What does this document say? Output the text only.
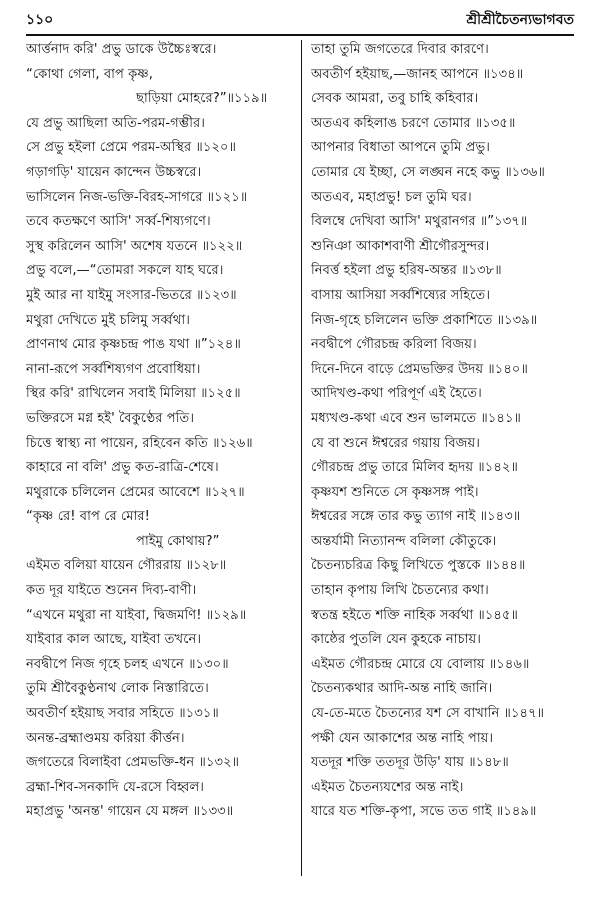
১১০	শ্রীশ্রীচৈতন্যভাগবত
আর্ত্তনাদ করি' প্রভু ডাকে উচ্চৈঃস্বরে।
“কোথা গেলা, বাপ কৃষ্ণ,
ছাড়িয়া মোহরে?”॥১১৯॥
যে প্রভু আছিলা অতি-পরম-গম্ভীর।
সে প্রভু হইলা প্রেমে পরম-অস্থির ॥১২০॥
গড়াগড়ি' যায়েন কান্দেন উচ্চস্বরে।
ভাসিলেন নিজ-ভক্তি-বিরহ-সাগরে ॥১২১॥
তবে কতক্ষণে আসি' সর্ব্ব-শিষ্যগণে।
সুস্থ করিলেন আসি' অশেষ যতনে ॥১২২॥
প্রভু বলে,—“তোমরা সকলে যাহ ঘরে।
মুই আর না যাইমু সংসার-ভিতরে ॥১২৩॥
মথুরা দেখিতে মুই চলিমু সর্ব্বথা।
প্রাণনাথ মোর কৃষ্ণচন্দ্র পাঙ যথা ॥”১২৪॥
নানা-রূপে সর্ব্বশিষ্যগণ প্রবোধিয়া।
স্থির করি' রাখিলেন সবাই মিলিয়া ॥১২৫॥
ভক্তিরসে মগ্ন হই' বৈকুণ্ঠের পতি।
চিত্তে স্বাস্থ্য না পায়েন, রহিবেন কতি ॥১২৬॥
কাহারে না বলি' প্রভু কত-রাত্রি-শেষে।
মথুরাকে চলিলেন প্রেমের আবেশে ॥১২৭॥
“কৃষ্ণ রে! বাপ রে মোর!
পাইমু কোথায়?”
এইমত বলিয়া যায়েন গৌররায় ॥১২৮॥
কত দূর যাইতে শুনেন দিব্য-বাণী।
“এখনে মথুরা না যাইবা, দ্বিজমণি! ॥১২৯॥
যাইবার কাল আছে, যাইবা তখনে।
নবদ্বীপে নিজ গৃহে চলহ এখনে ॥১৩০॥
তুমি শ্রীবৈকুণ্ঠনাথ লোক নিস্তারিতে।
অবতীর্ণ হইয়াছ সবার সহিতে ॥১৩১॥
অনন্ত-ব্রহ্মাণ্ডময় করিয়া কীর্ত্তন।
জগতেরে বিলাইবা প্রেমভক্তি-ধন ॥১৩২॥
ব্রহ্মা-শিব-সনকাদি যে-রসে বিহ্বল।
মহাপ্রভু 'অনন্ত' গায়েন যে মঙ্গল ॥১৩৩॥
তাহা তুমি জগতেরে দিবার কারণে।
অবতীর্ণ হইয়াছ,—জানহ আপনে ॥১৩৪॥
সেবক আমরা, তবু চাহি কহিবার।
অতএব কহিলাঙ চরণে তোমার ॥১৩৫॥
আপনার বিধাতা আপনে তুমি প্রভু।
তোমার যে ইচ্ছা, সে লঙ্ঘন নহে কভু ॥১৩৬॥
অতএব, মহাপ্রভু! চল তুমি ঘর।
বিলম্বে দেখিবা আসি' মথুরানগর ॥”১৩৭॥
শুনিঞা আকাশবাণী শ্রীগৌরসুন্দর।
নিবর্ত্ত হইলা প্রভু হরিষ-অন্তর ॥১৩৮॥
বাসায় আসিয়া সর্ব্বশিষ্যের সহিতে।
নিজ-গৃহে চলিলেন ভক্তি প্রকাশিতে ॥১৩৯॥
নবদ্বীপে গৌরচন্দ্র করিলা বিজয়।
দিনে-দিনে বাড়ে প্রেমভক্তির উদয় ॥১৪০॥
আদিখণ্ড-কথা পরিপূর্ণ এই হৈতে।
মধ্যখণ্ড-কথা এবে শুন ভালমতে ॥১৪১॥
যে বা শুনে ঈশ্বরের গয়ায় বিজয়।
গৌরচন্দ্র প্রভু তারে মিলিব হৃদয় ॥১৪২॥
কৃষ্ণযশ শুনিতে সে কৃষ্ণসঙ্গ পাই।
ঈশ্বরের সঙ্গে তার কভু ত্যাগ নাই ॥১৪৩॥
অন্তর্যামী নিত্যানন্দ বলিলা কৌতুকে।
চৈতন্যচরিত্র কিছু লিখিতে পুস্তকে ॥১৪৪॥
তাহান কৃপায় লিখি চৈতন্যের কথা।
স্বতন্ত্র হইতে শক্তি নাহিক সর্ব্বথা ॥১৪৫॥
কাষ্ঠের পুতলি যেন কুহকে নাচায়।
এইমত গৌরচন্দ্র মোরে যে বোলায় ॥১৪৬॥
চৈতন্যকথার আদি-অন্ত নাহি জানি।
যে-তে-মতে চৈতন্যের যশ সে বাখানি ॥১৪৭॥
পক্ষী যেন আকাশের অন্ত নাহি পায়।
যতদূর শক্তি ততদূর উড়ি' যায় ॥১৪৮॥
এইমত চৈতন্যযশের অন্ত নাই।
যারে যত শক্তি-কৃপা, সভে তত গাই ॥১৪৯॥
